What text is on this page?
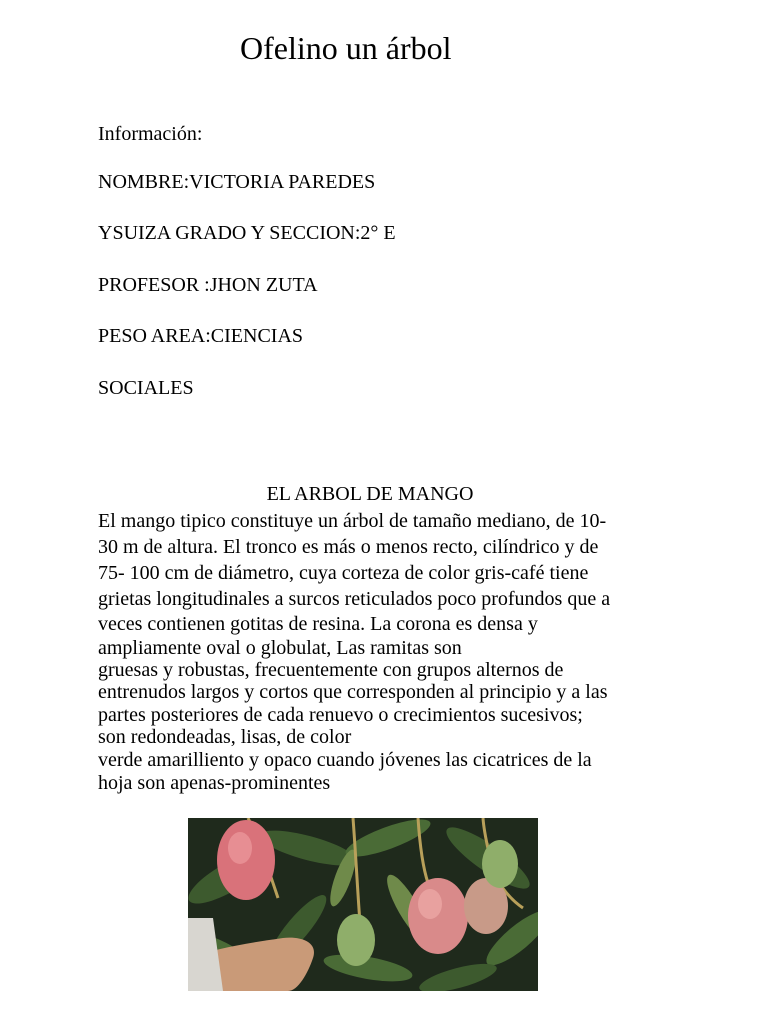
Ofelino un árbol
Información:
NOMBRE:VICTORIA PAREDES
YSUIZA GRADO Y SECCION:2° E
PROFESOR :JHON ZUTA
PESO AREA:CIENCIAS
SOCIALES
EL ARBOL DE MANGO
El mango tipico constituye un árbol de tamaño mediano, de 10-
30 m de altura. El tronco es más o menos recto, cilíndrico y de
75- 100 cm de diámetro, cuya corteza de color gris-café tiene
grietas longitudinales a surcos reticulados poco profundos que a
veces contienen gotitas de resina. La corona es densa y
ampliamente oval o globulat, Las ramitas son
gruesas y robustas, frecuentemente con grupos alternos de
entrenudos largos y cortos que corresponden al principio y a las
partes posteriores de cada renuevo o crecimientos sucesivos;
son redondeadas, lisas, de color
verde amarilliento y opaco cuando jóvenes las cicatrices de la
hoja son apenas-prominentes
